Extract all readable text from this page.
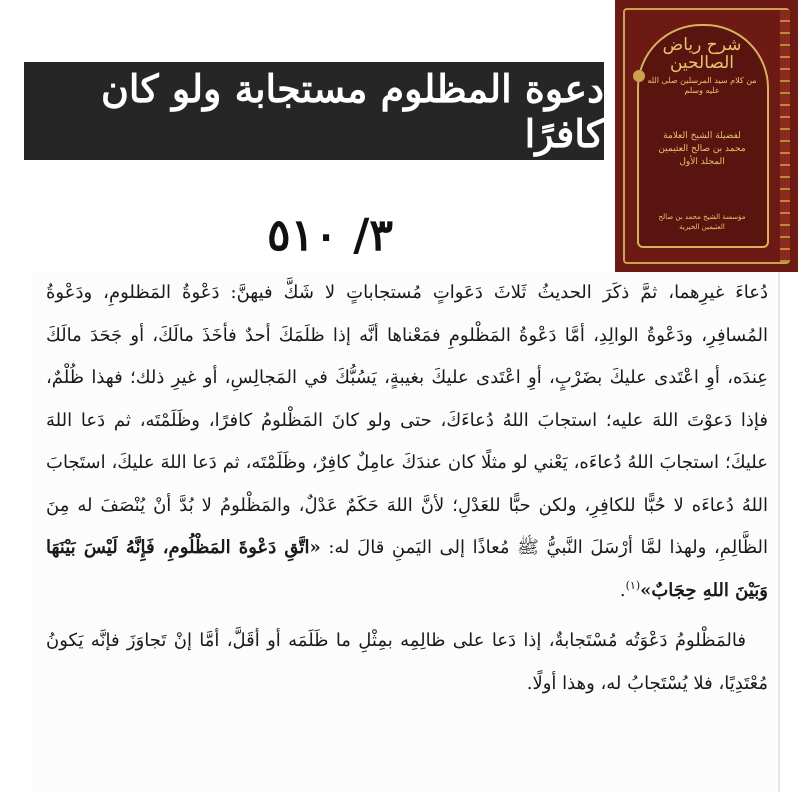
دعوة المظلوم مستجابة ولو كان كافرًا
شرح رياض الصالحين
من كلام سيد المرسلين صلى الله عليه وسلم
لفضيلة الشيخ العلامة
محمد بن صالح العثيمين
المجلد الأول
مؤسسة الشيخ محمد بن صالح العثيمين الخيرية
٣/ ٥١٠

دُعاءَ غيرِهما، ثمَّ ذكَرَ الحديثُ ثَلاثَ دَعَواتٍ مُستجاباتٍ لا شَكَّ فيهنَّ: دَعْوةُ المَظلومِ، ودَعْوةُ المُسافِرِ، ودَعْوةُ الوالِدِ، أمَّا دَعْوةُ المَظْلومِ فمَعْناها أنَّه إذا ظلَمَكَ أحدٌ فأخَذَ مالَكَ، أو جَحَدَ مالَكَ عِندَه، أوِ اعْتَدى عليكَ بضَرْبٍ، أوِ اعْتَدى عليكَ بغيبةٍ، يَسُبُّكَ في المَجالِسِ، أو غيرِ ذلك؛ فهذا ظُلْمٌ، فإذا دَعوْتَ اللهَ عليه؛ استجابَ اللهُ دُعاءَكَ، حتى ولو كانَ المَظْلومُ كافرًا، وظَلَمْتَه، ثم دَعا اللهَ عليكَ؛ استجابَ اللهُ دُعاءَه، يَعْني لو مثلًا كان عندَكَ عامِلٌ كافِرٌ، وظَلَمْتَه، ثم دَعا اللهَ عليكَ، استَجابَ اللهُ دُعاءَه لا حُبًّا للكافِرِ، ولكن حبًّا للعَدْلِ؛ لأنَّ اللهَ حَكَمٌ عَدْلٌ، والمَظْلومُ لا بُدَّ أنْ يُنْصَفَ له مِنَ الظَّالِمِ، ولهذا لمَّا أرْسَلَ النَّبيُّ ﷺ مُعاذًا إلى اليَمنِ قالَ له: «اتَّقِ دَعْوةَ المَظْلُومِ، فَإِنَّهُ لَيْسَ بَيْنَهَا وَبَيْنَ اللهِ حِجَابٌ»$^{(١)}$.

فالمَظْلومُ دَعْوَتُه مُسْتَجابةٌ، إذا دَعا على ظالِمِه بمِثْلِ ما ظَلَمَه أو أقَلَّ، أمَّا إنْ تَجاوَزَ فإنَّه يَكونُ مُعْتَدِيًا، فلا يُسْتَجابُ له، وهذا أولًا.
